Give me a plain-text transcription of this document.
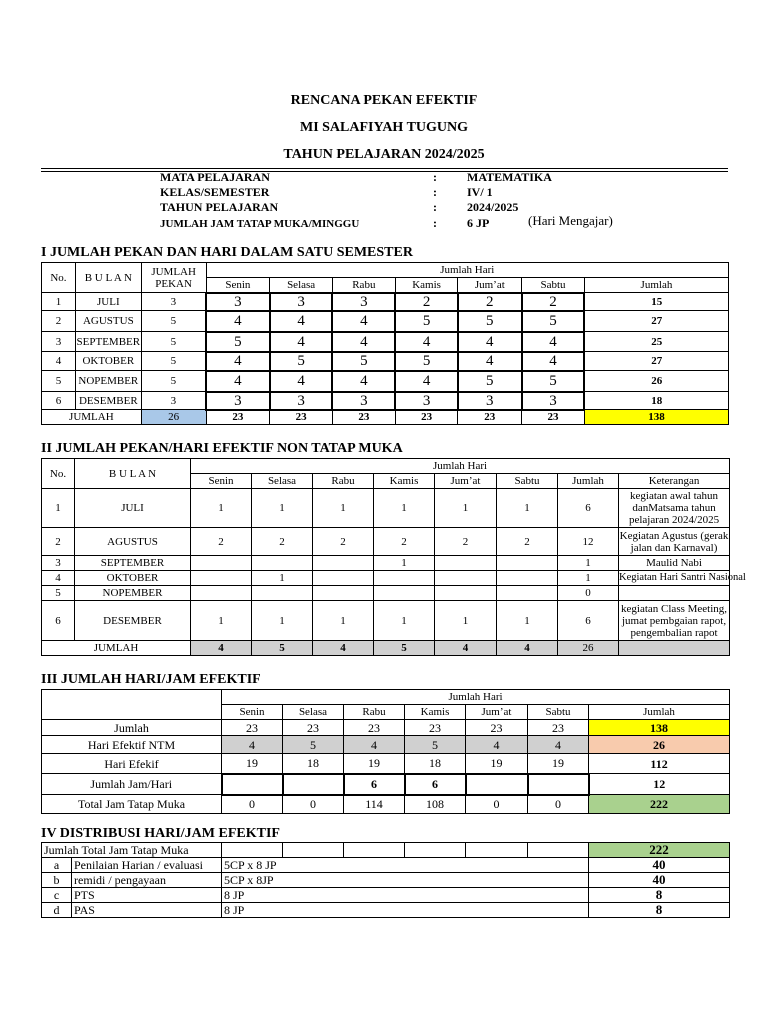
RENCANA PEKAN EFEKTIF
MI SALAFIYAH TUGUNG
TAHUN PELAJARAN 2024/2025
MATA PELAJARAN	:	MATEMATIKA
KELAS/SEMESTER	:	IV/ 1
TAHUN PELAJARAN	:	2024/2025
JUMLAH JAM TATAP MUKA/MINGGU	:	6 JP	(Hari Mengajar)
I JUMLAH PEKAN DAN HARI DALAM SATU SEMESTER
No.	B U L A N	JUMLAH
PEKAN	Jumlah Hari						
			Senin	Selasa	Rabu	Kamis	Jum’at	Sabtu	Jumlah
1	JULI	3	3	3	3	2	2	2	15
2	AGUSTUS	5	4	4	4	5	5	5	27
3	SEPTEMBER	5	5	4	4	4	4	4	25
4	OKTOBER	5	4	5	5	5	4	4	27
5	NOPEMBER	5	4	4	4	4	5	5	26
6	DESEMBER	3	3	3	3	3	3	3	18
JUMLAH		26	23	23	23	23	23	23	138
II JUMLAH PEKAN/HARI EFEKTIF NON TATAP MUKA
No.	B U L A N	Jumlah Hari							
		Senin	Selasa	Rabu	Kamis	Jum’at	Sabtu	Jumlah	Keterangan
1	JULI	1	1	1	1	1	1	6	kegiatan awal tahun danMatsama tahun pelajaran 2024/2025
2	AGUSTUS	2	2	2	2	2	2	12	Kegiatan Agustus (gerak jalan dan Karnaval)
3	SEPTEMBER				1			1	Maulid Nabi
4	OKTOBER		1					1	Kegiatan Hari Santri Nasional
5	NOPEMBER							0	
6	DESEMBER	1	1	1	1	1	1	6	kegiatan Class Meeting, jumat pembgaian rapot, pengembalian rapot
JUMLAH		4	5	4	5	4	4	26	
III JUMLAH HARI/JAM EFEKTIF
	Jumlah Hari						
	Senin	Selasa	Rabu	Kamis	Jum’at	Sabtu	Jumlah
Jumlah	23	23	23	23	23	23	138
Hari Efektif NTM	4	5	4	5	4	4	26
Hari Efekif	19	18	19	18	19	19	112
Jumlah Jam/Hari			6	6			12
Total Jam Tatap Muka	0	0	114	108	0	0	222
IV DISTRIBUSI HARI/JAM EFEKTIF
Jumlah Total Jam Tatap Muka								222
a	Penilaian Harian / evaluasi	5CP x 8 JP						40
b	remidi / pengayaan	5CP x 8JP						40
c	PTS	8 JP						8
d	PAS	8 JP						8
